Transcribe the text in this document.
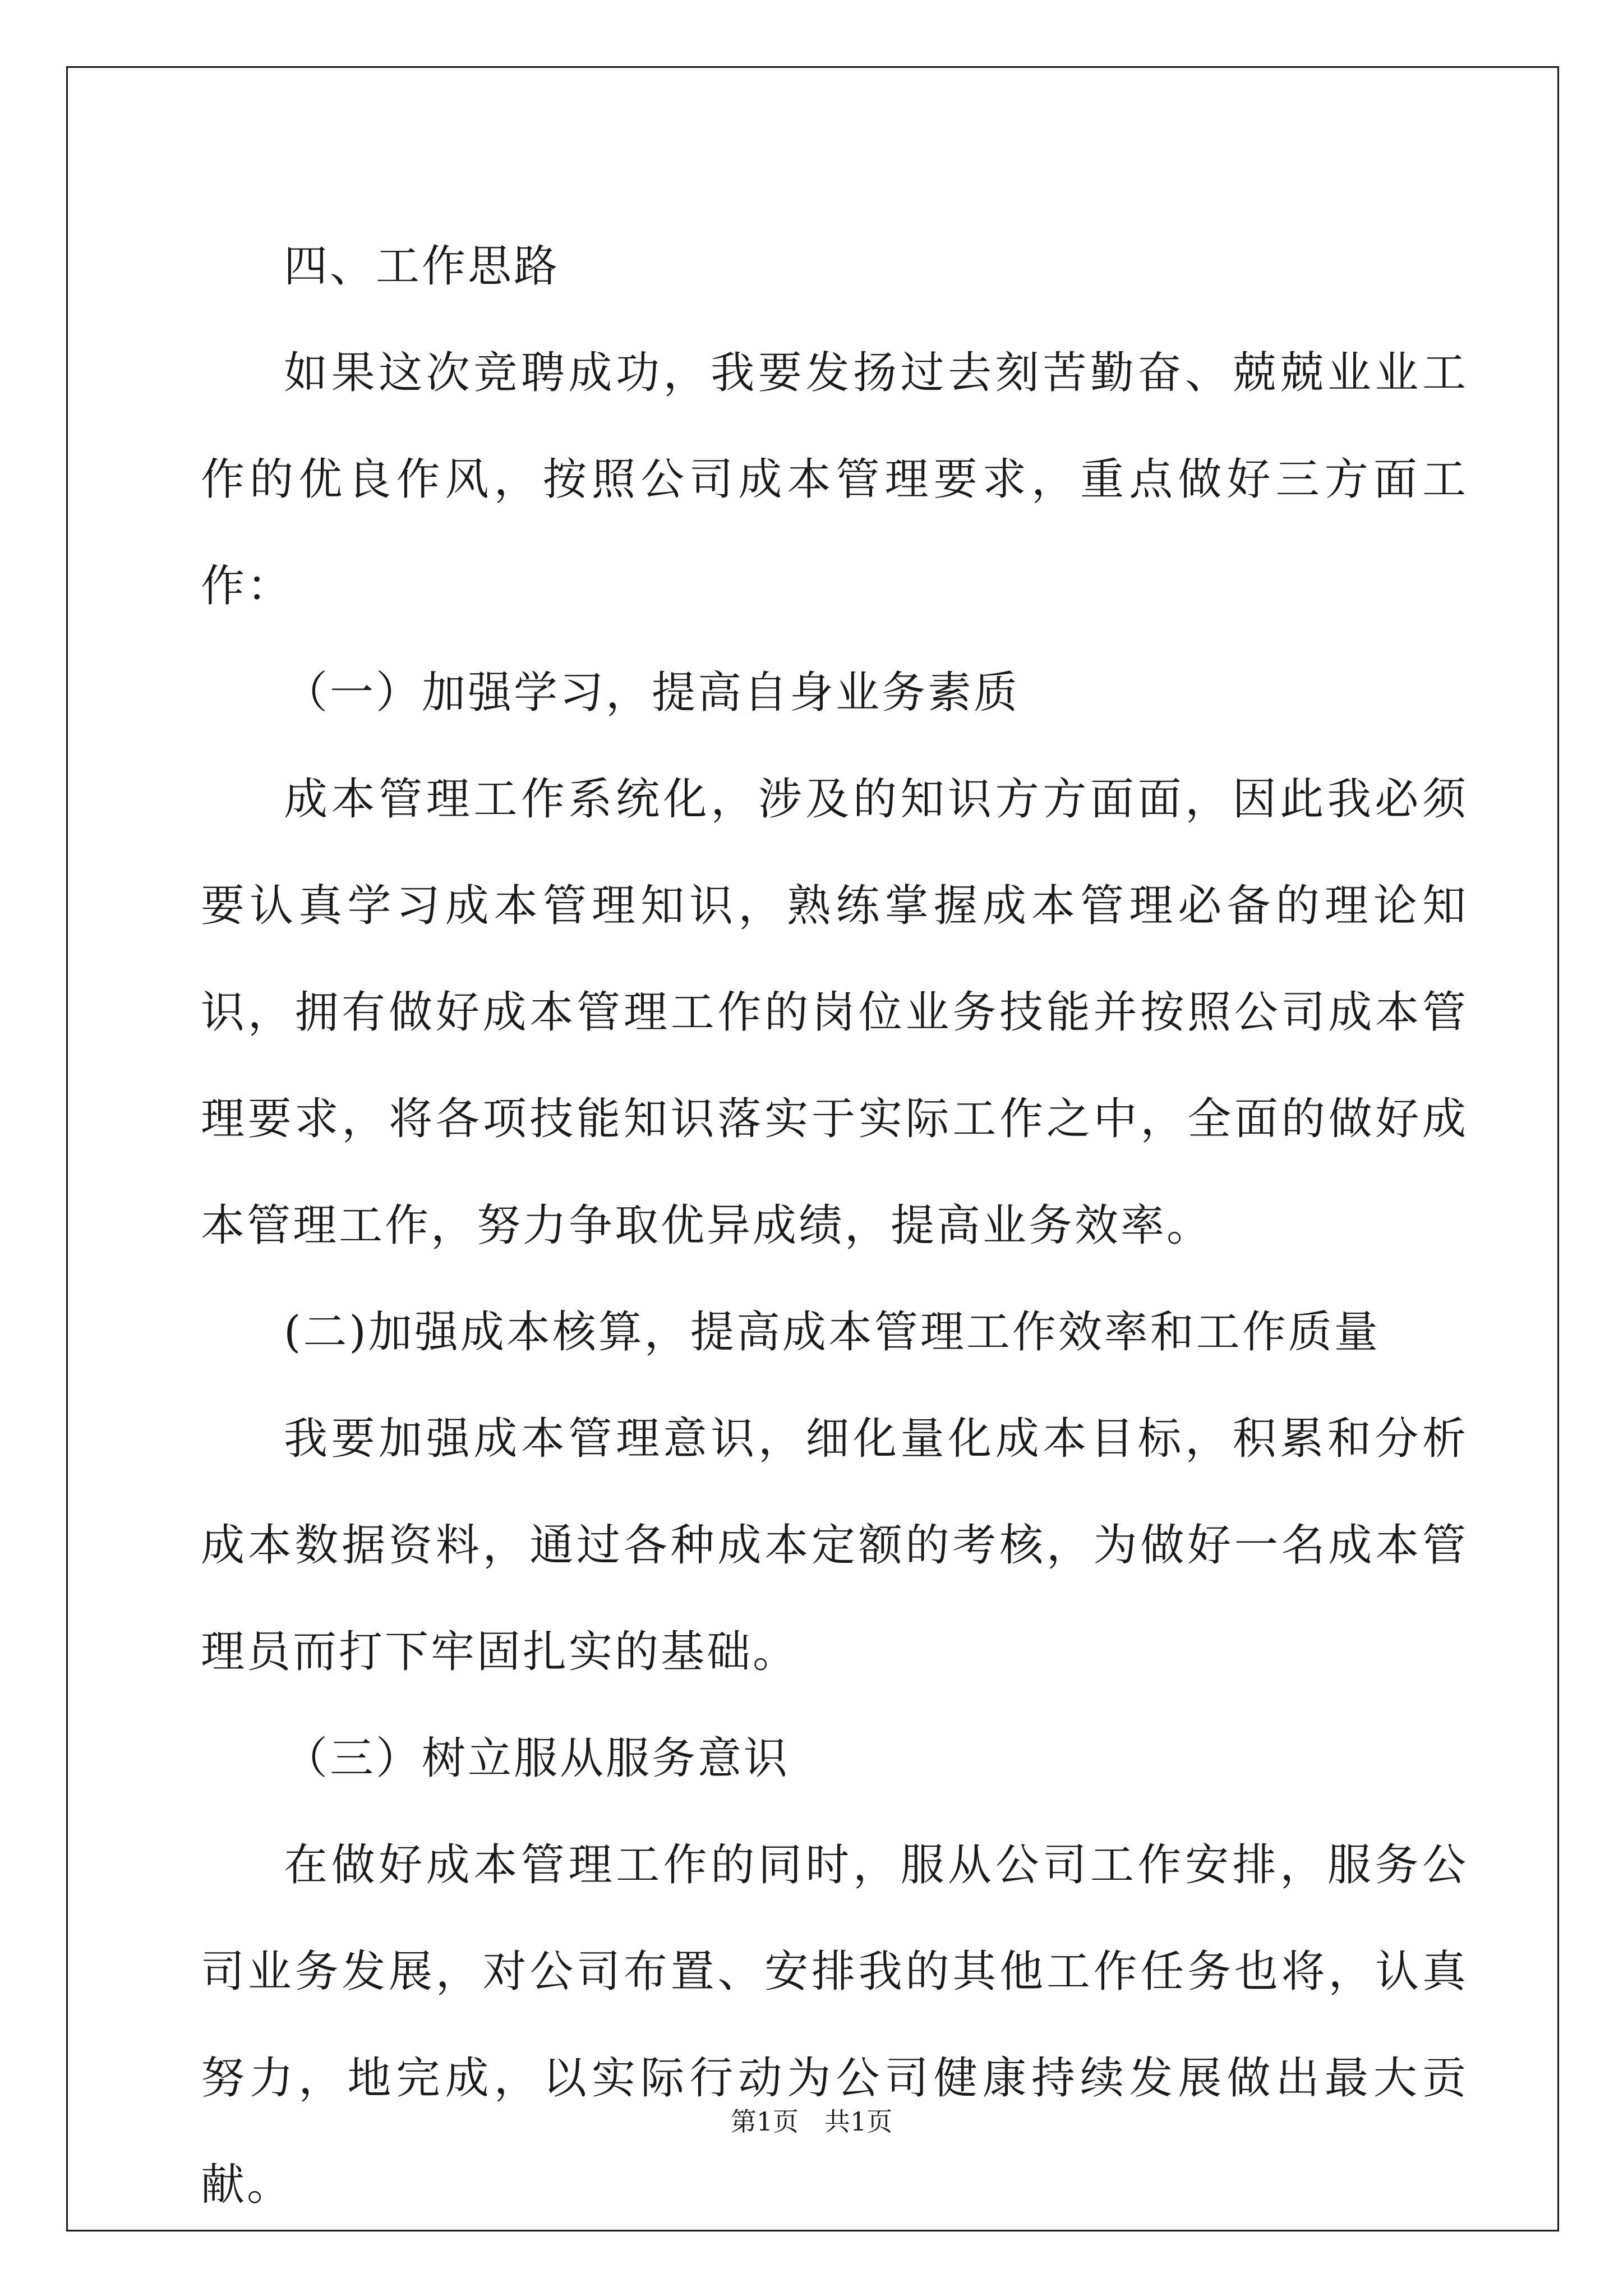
四、工作思路

如果这次竞聘成功，我要发扬过去刻苦勤奋、兢兢业业工作的优良作风，按照公司成本管理要求，重点做好三方面工作：

（一）加强学习，提高自身业务素质

成本管理工作系统化，涉及的知识方方面面，因此我必须要认真学习成本管理知识，熟练掌握成本管理必备的理论知识，拥有做好成本管理工作的岗位业务技能并按照公司成本管理要求，将各项技能知识落实于实际工作之中，全面的做好成本管理工作，努力争取优异成绩，提高业务效率。

(二)加强成本核算，提高成本管理工作效率和工作质量

我要加强成本管理意识，细化量化成本目标，积累和分析成本数据资料，通过各种成本定额的考核，为做好一名成本管理员而打下牢固扎实的基础。

（三）树立服从服务意识

在做好成本管理工作的同时，服从公司工作安排，服务公司业务发展，对公司布置、安排我的其他工作任务也将，认真努力，地完成，以实际行动为公司健康持续发展做出最大贡献。

第1页　共1页
